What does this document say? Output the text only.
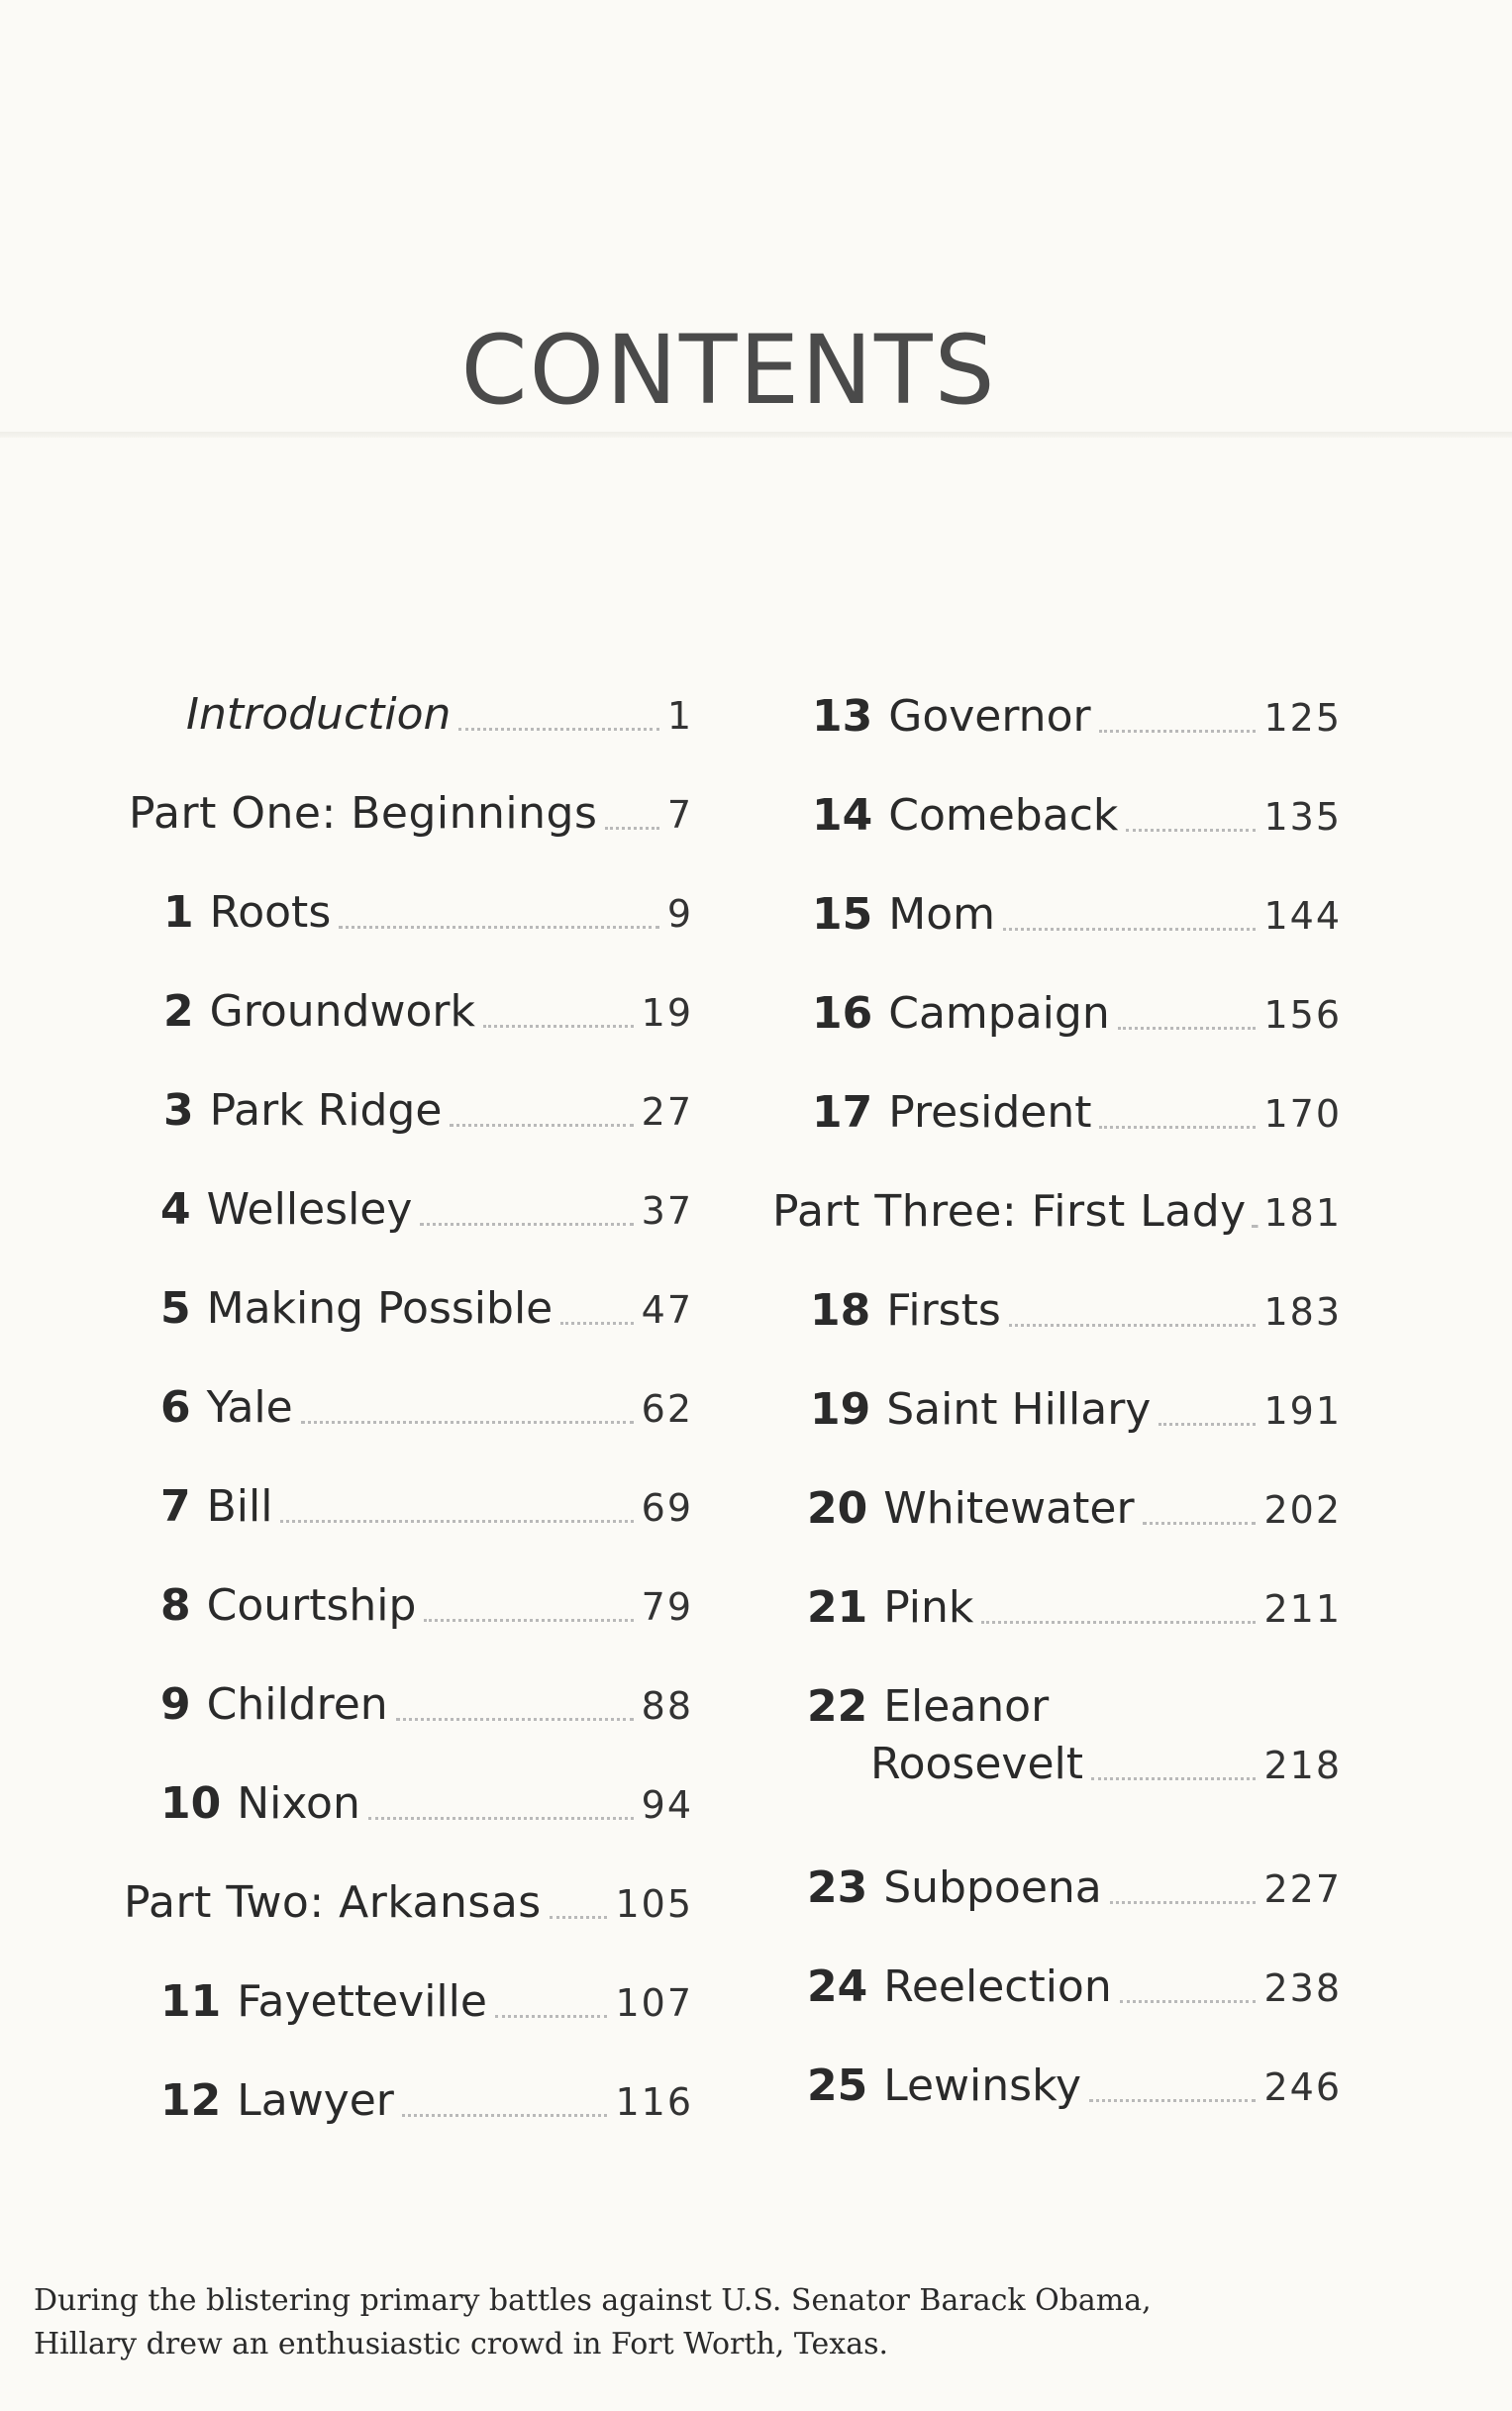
CONTENTS
Introduction	1
Part One: Beginnings 7
1 Roots	9
2 Groundwork	19
3 Park Ridge	27
4 Wellesley	37
5 Making Possible 47
6 Yale	62
7 Bill	69
8 Courtship	79
9 Children	88
10 Nixon	94
Part Two: Arkansas 105
11 Fayetteville	107
12 Lawyer	116
13 Governor	125
14 Comeback	135
15 Mom	144
16 Campaign	156
17 President	170
Part Three: First Lady 181
18 Firsts	183
19 Saint Hillary	191
20 Whitewater	202
21 Pink	211
22 Eleanor
Roosevelt	218
23 Subpoena	227
24 Reelection	238
25 Lewinsky	246
During the blistering primary battles against U.S. Senator Barack Obama,
Hillary drew an enthusiastic crowd in Fort Worth, Texas.
